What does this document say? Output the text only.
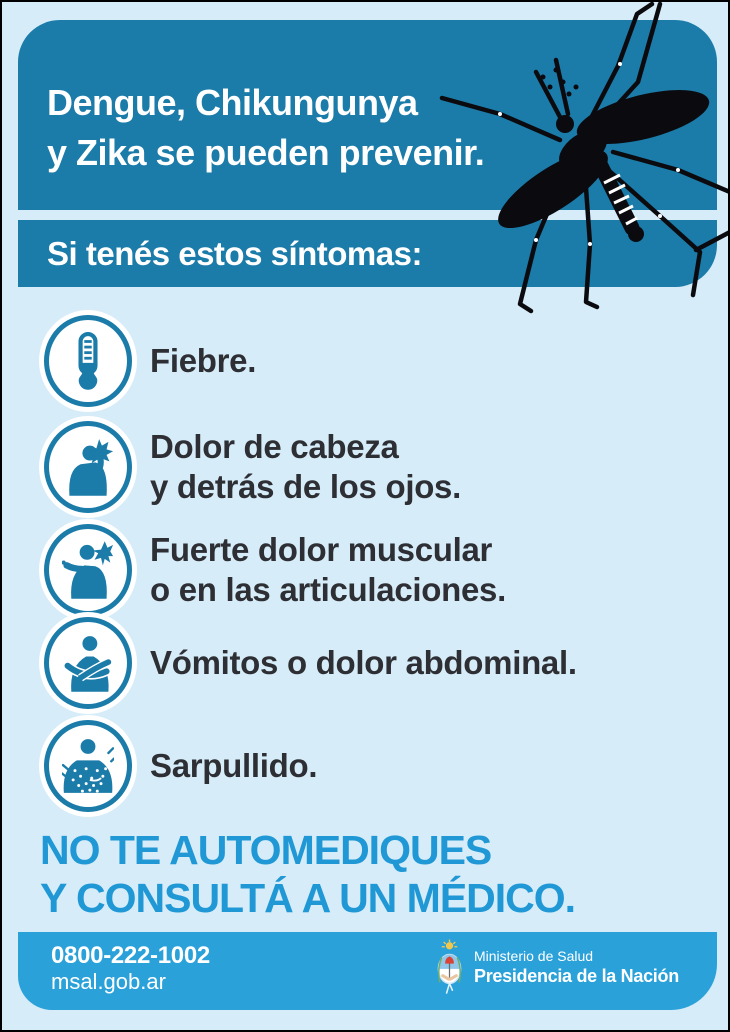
Dengue, Chikungunya
y Zika se pueden prevenir.
Si tenés estos síntomas:
Fiebre.
Dolor de cabeza
y detrás de los ojos.
Fuerte dolor muscular
o en las articulaciones.
Vómitos o dolor abdominal.
Sarpullido.
NO TE AUTOMEDIQUES
Y CONSULTÁ A UN MÉDICO.
0800-222-1002
msal.gob.ar
Ministerio de Salud
Presidencia de la Nación
